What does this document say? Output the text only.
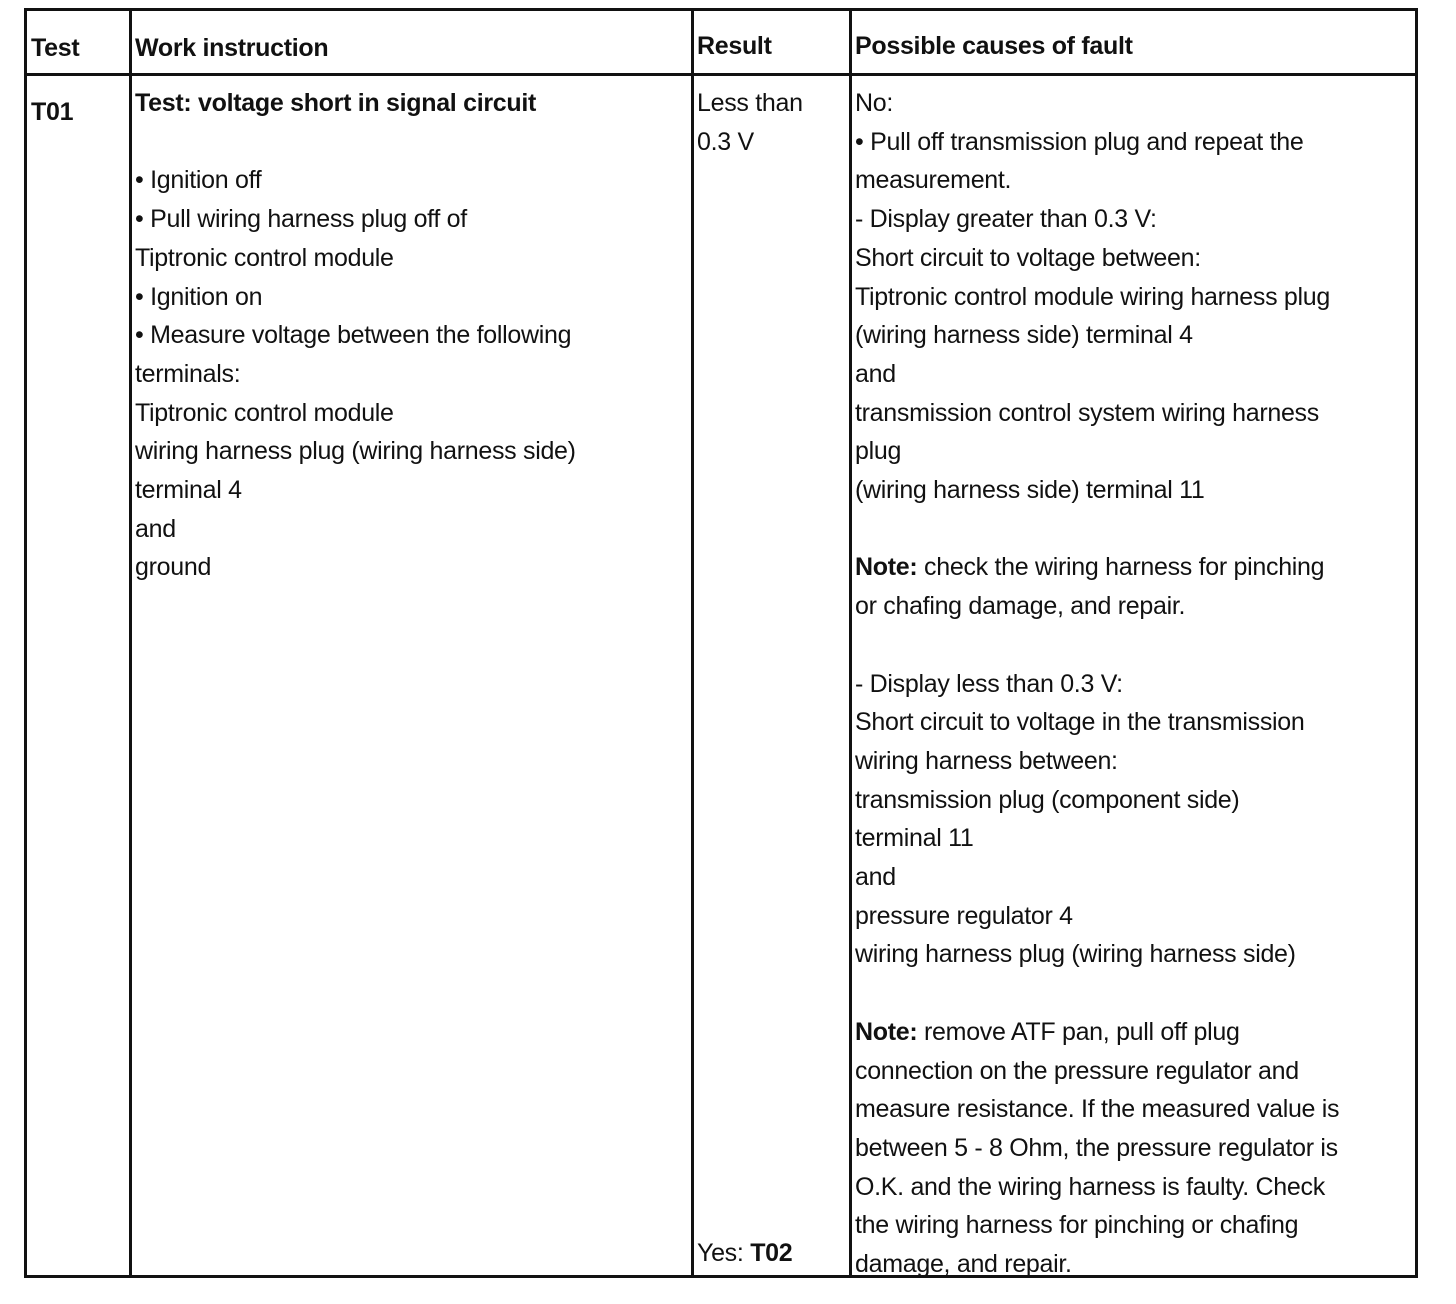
Test Work instruction	Result	Possible causes of fault
T01 Test: voltage short in signal circuit
• Ignition off
• Pull wiring harness plug off of
Tiptronic control module
• Ignition on
• Measure voltage between the following
terminals:
Tiptronic control module
wiring harness plug (wiring harness side)
terminal 4
and
ground
Less than
0.3 V
Yes: T02
No:
• Pull off transmission plug and repeat the
measurement.
- Display greater than 0.3 V:
Short circuit to voltage between:
Tiptronic control module wiring harness plug
(wiring harness side) terminal 4
and
transmission control system wiring harness
plug
(wiring harness side) terminal 11
Note: check the wiring harness for pinching
or chafing damage, and repair.
- Display less than 0.3 V:
Short circuit to voltage in the transmission
wiring harness between:
transmission plug (component side)
terminal 11
and
pressure regulator 4
wiring harness plug (wiring harness side)
Note: remove ATF pan, pull off plug
connection on the pressure regulator and
measure resistance. If the measured value is
between 5 - 8 Ohm, the pressure regulator is
O.K. and the wiring harness is faulty. Check
the wiring harness for pinching or chafing
damage, and repair.
